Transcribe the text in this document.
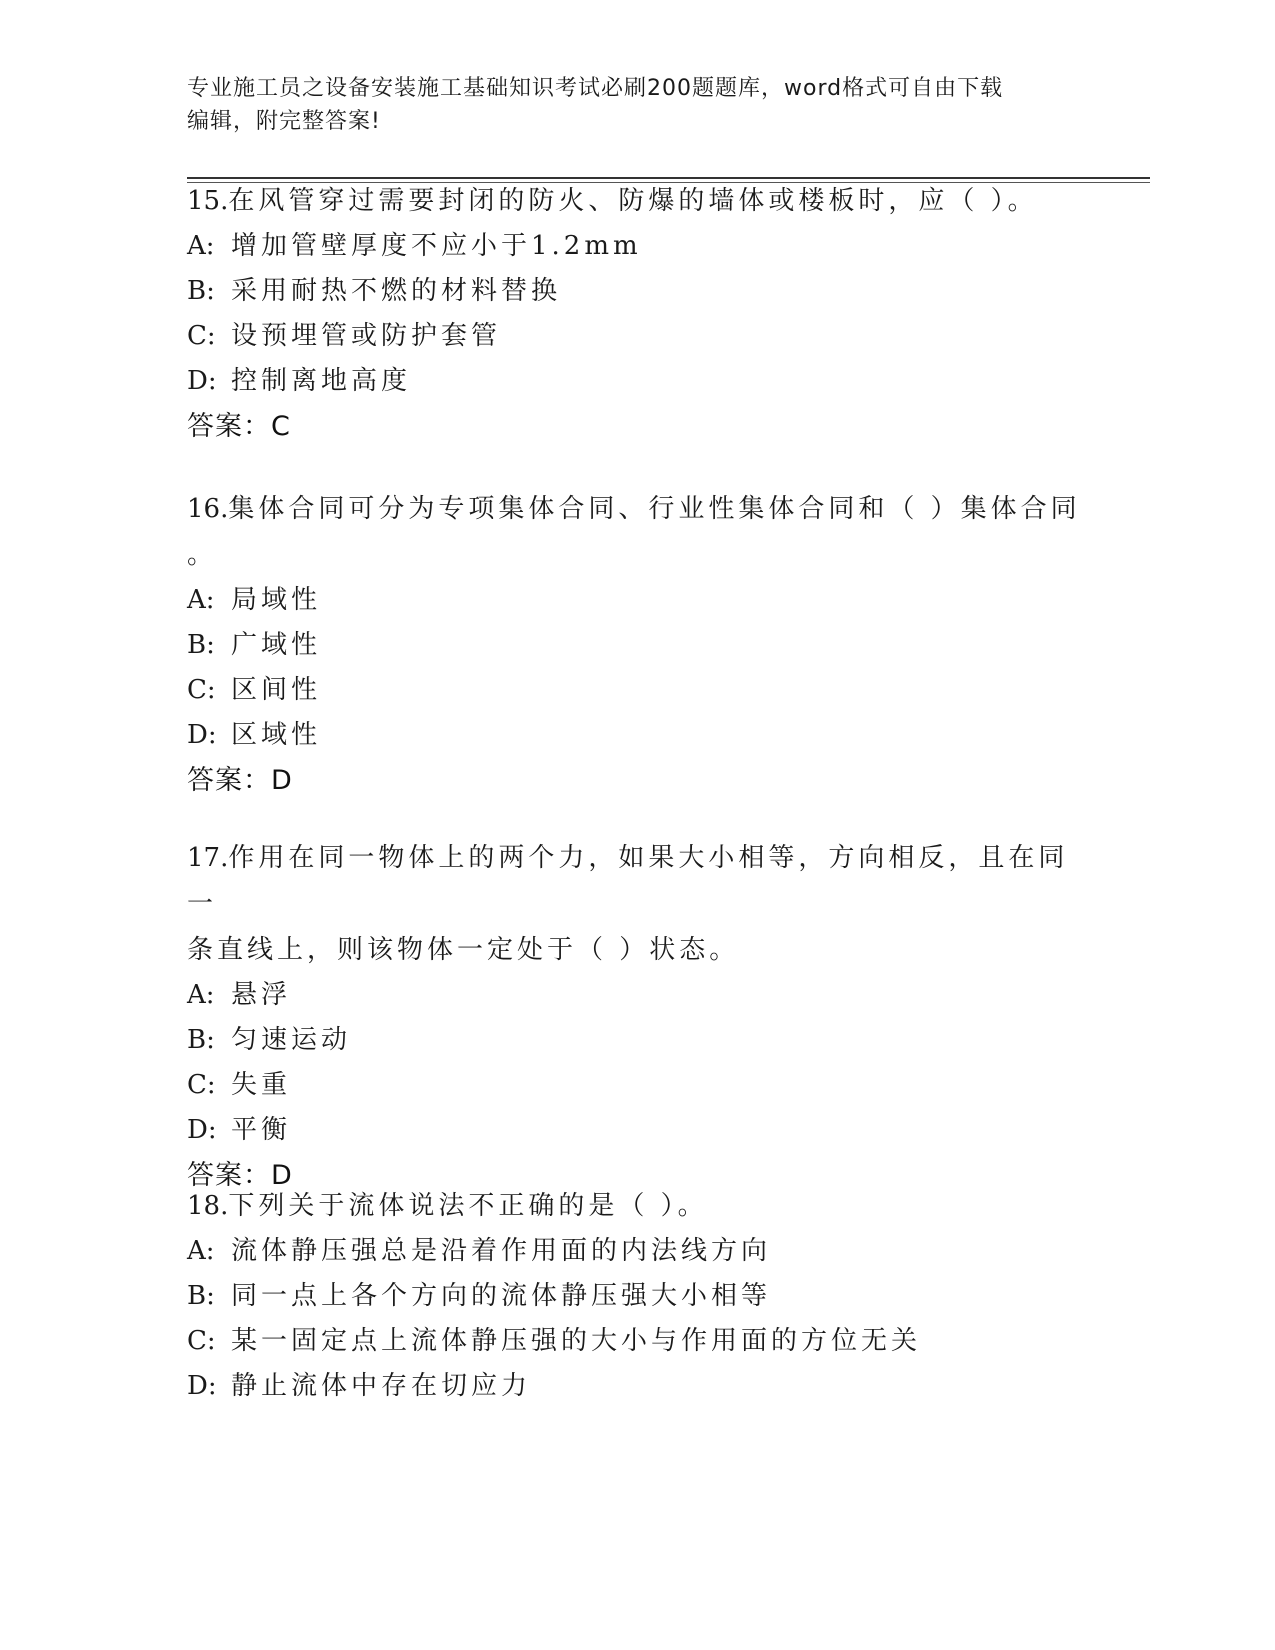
专业施工员之设备安装施工基础知识考试必刷200题题库，word格式可自由下载
编辑，附完整答案!
15.在风管穿过需要封闭的防火、防爆的墙体或楼板时，应（ ）。
A: 增加管壁厚度不应小于1.2mm
B: 采用耐热不燃的材料替换
C: 设预埋管或防护套管
D: 控制离地高度
答案：C
16.集体合同可分为专项集体合同、行业性集体合同和（ ）集体合同
。
A: 局域性
B: 广域性
C: 区间性
D: 区域性
答案：D
17.作用在同一物体上的两个力，如果大小相等，方向相反，且在同一
条直线上，则该物体一定处于（ ）状态。
A: 悬浮
B: 匀速运动
C: 失重
D: 平衡
答案：D
18.下列关于流体说法不正确的是（ ）。
A: 流体静压强总是沿着作用面的内法线方向
B: 同一点上各个方向的流体静压强大小相等
C: 某一固定点上流体静压强的大小与作用面的方位无关
D: 静止流体中存在切应力
